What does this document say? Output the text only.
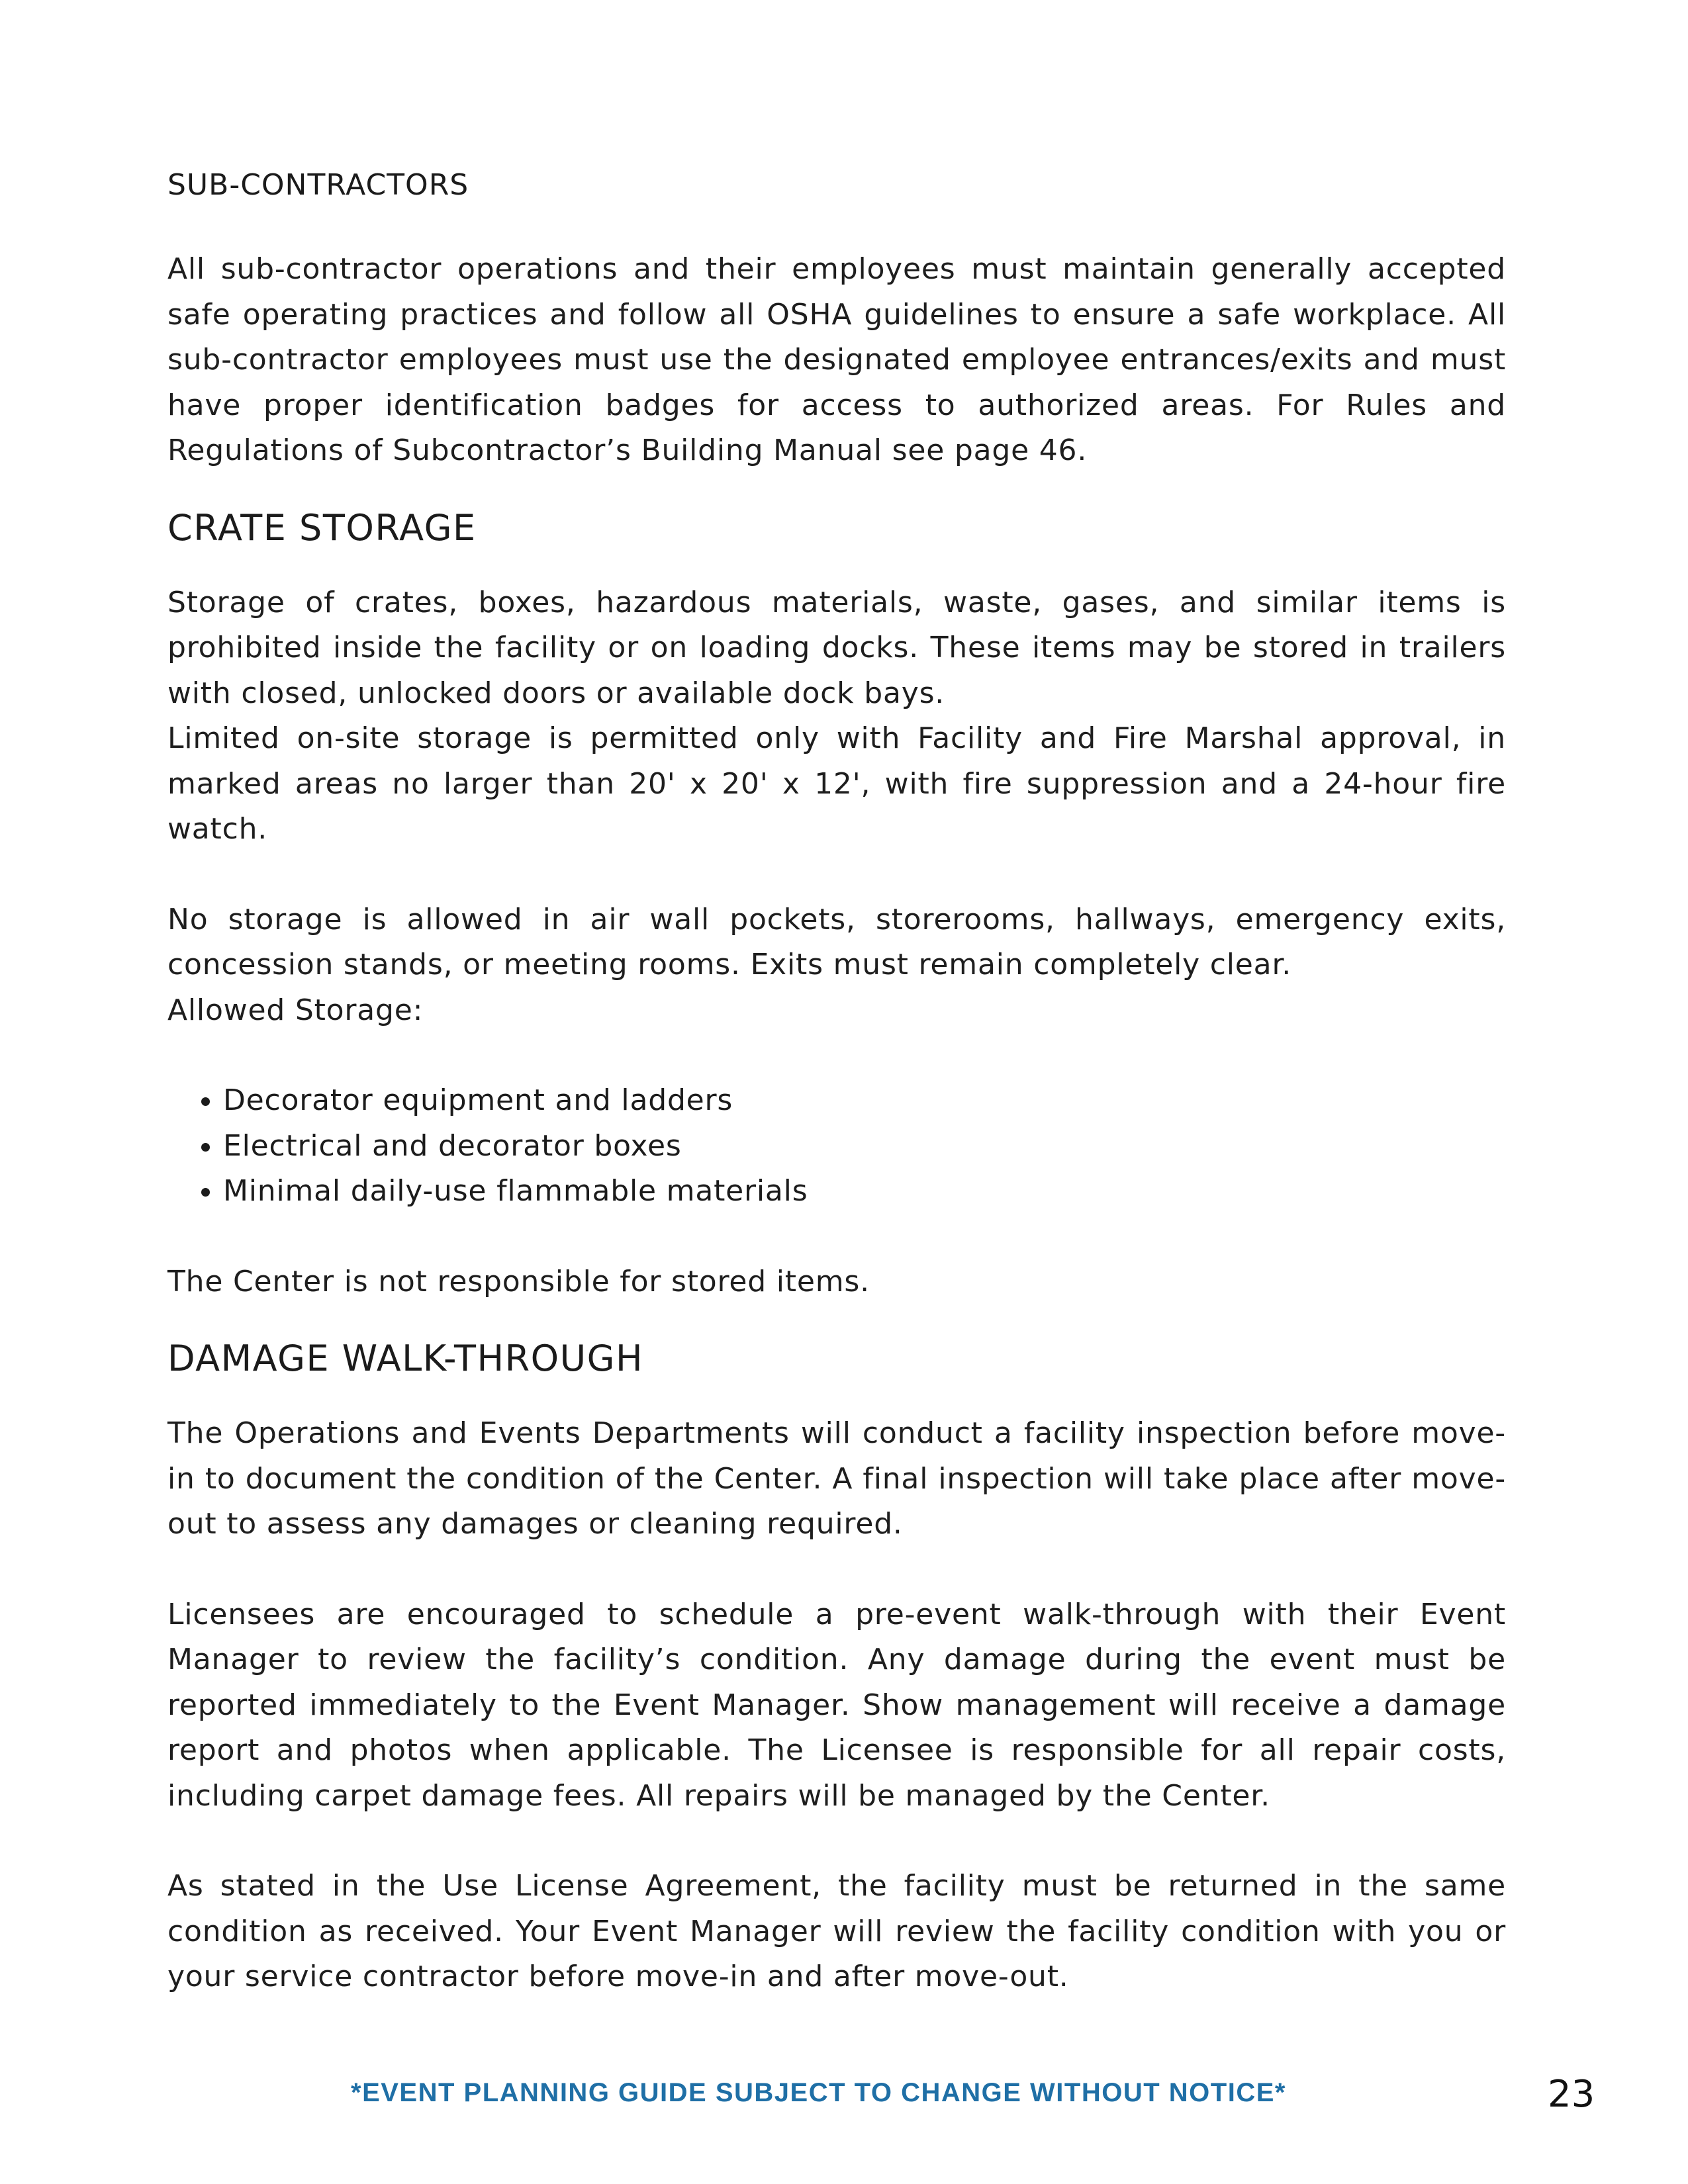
SUB-CONTRACTORS

All sub-contractor operations and their employees must maintain generally accepted safe operating practices and follow all OSHA guidelines to ensure a safe workplace. All sub-contractor employees must use the designated employee entrances/exits and must have proper identification badges for access to authorized areas. For Rules and Regulations of Subcontractor’s Building Manual see page 46.

CRATE STORAGE

Storage of crates, boxes, hazardous materials, waste, gases, and similar items is prohibited inside the facility or on loading docks. These items may be stored in trailers with closed, unlocked doors or available dock bays.

Limited on-site storage is permitted only with Facility and Fire Marshal approval, in marked areas no larger than 20' x 20' x 12', with fire suppression and a 24-hour fire watch.

No storage is allowed in air wall pockets, storerooms, hallways, emergency exits, concession stands, or meeting rooms. Exits must remain completely clear.

Allowed Storage:

• Decorator equipment and ladders
• Electrical and decorator boxes
• Minimal daily-use flammable materials

The Center is not responsible for stored items.

DAMAGE WALK-THROUGH

The Operations and Events Departments will conduct a facility inspection before move-in to document the condition of the Center. A final inspection will take place after move-out to assess any damages or cleaning required.

Licensees are encouraged to schedule a pre-event walk-through with their Event Manager to review the facility’s condition. Any damage during the event must be reported immediately to the Event Manager. Show management will receive a damage report and photos when applicable. The Licensee is responsible for all repair costs, including carpet damage fees. All repairs will be managed by the Center.

As stated in the Use License Agreement, the facility must be returned in the same condition as received. Your Event Manager will review the facility condition with you or your service contractor before move-in and after move-out.

*EVENT PLANNING GUIDE SUBJECT TO CHANGE WITHOUT NOTICE*	23
